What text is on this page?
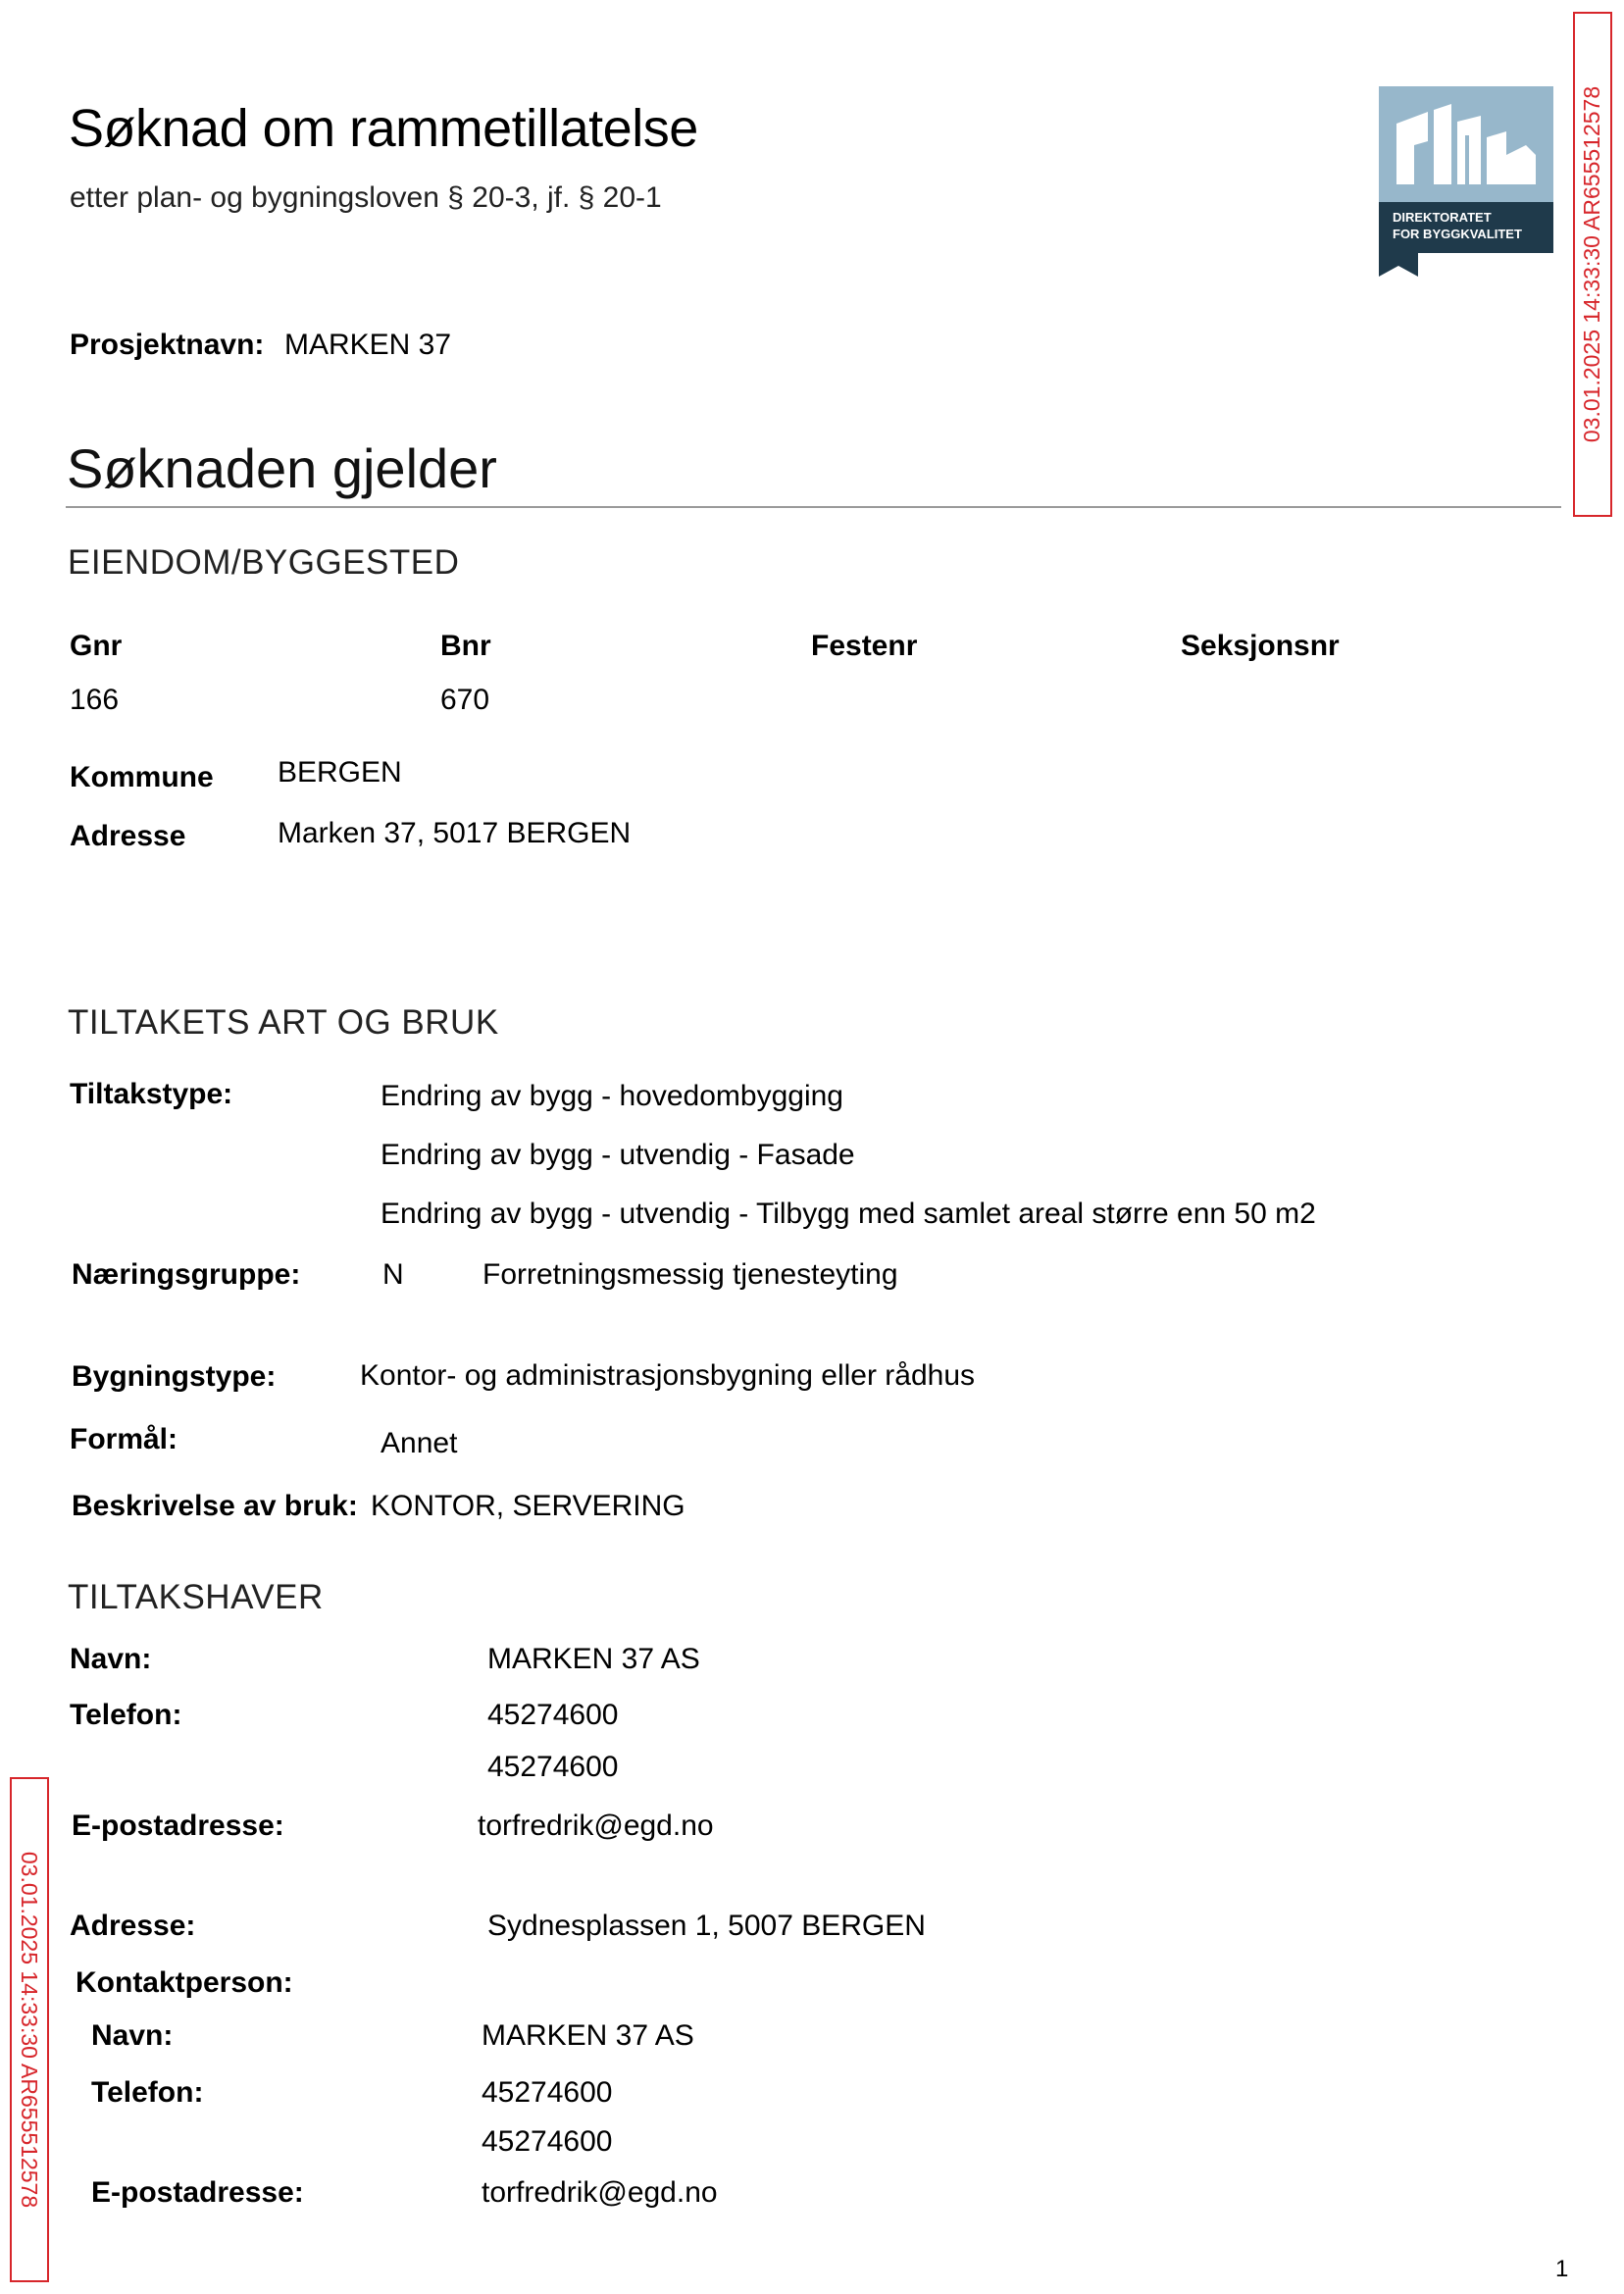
Søknad om rammetillatelse
etter plan- og bygningsloven § 20-3, jf. § 20-1
DIREKTORATET
FOR BYGGKVALITET	03.01.2025 14:33:30 AR655512578
03.01.2025 14:33:30 AR655512578
Prosjektnavn: MARKEN 37
Søknaden gjelder
EIENDOM/BYGGESTED
Gnr	Bnr	Festenr	Seksjonsnr
166	670
Kommune BERGEN
Adresse	Marken 37, 5017 BERGEN
TILTAKETS ART OG BRUK
Tiltakstype:	Endring av bygg - hovedombygging
Endring av bygg - utvendig - Fasade
Endring av bygg - utvendig - Tilbygg med samlet areal større enn 50 m2
Næringsgruppe:	N	Forretningsmessig tjenesteyting
Bygningstype:	Kontor- og administrasjonsbygning eller rådhus
Formål:	Annet
Beskrivelse av bruk: KONTOR, SERVERING
TILTAKSHAVER
Navn:	MARKEN 37 AS
Telefon:	45274600
45274600
E-postadresse:	torfredrik@egd.no
Adresse:	Sydnesplassen 1, 5007 BERGEN
Kontaktperson:
Navn:	MARKEN 37 AS
Telefon:	45274600
45274600
E-postadresse:	torfredrik@egd.no
1
